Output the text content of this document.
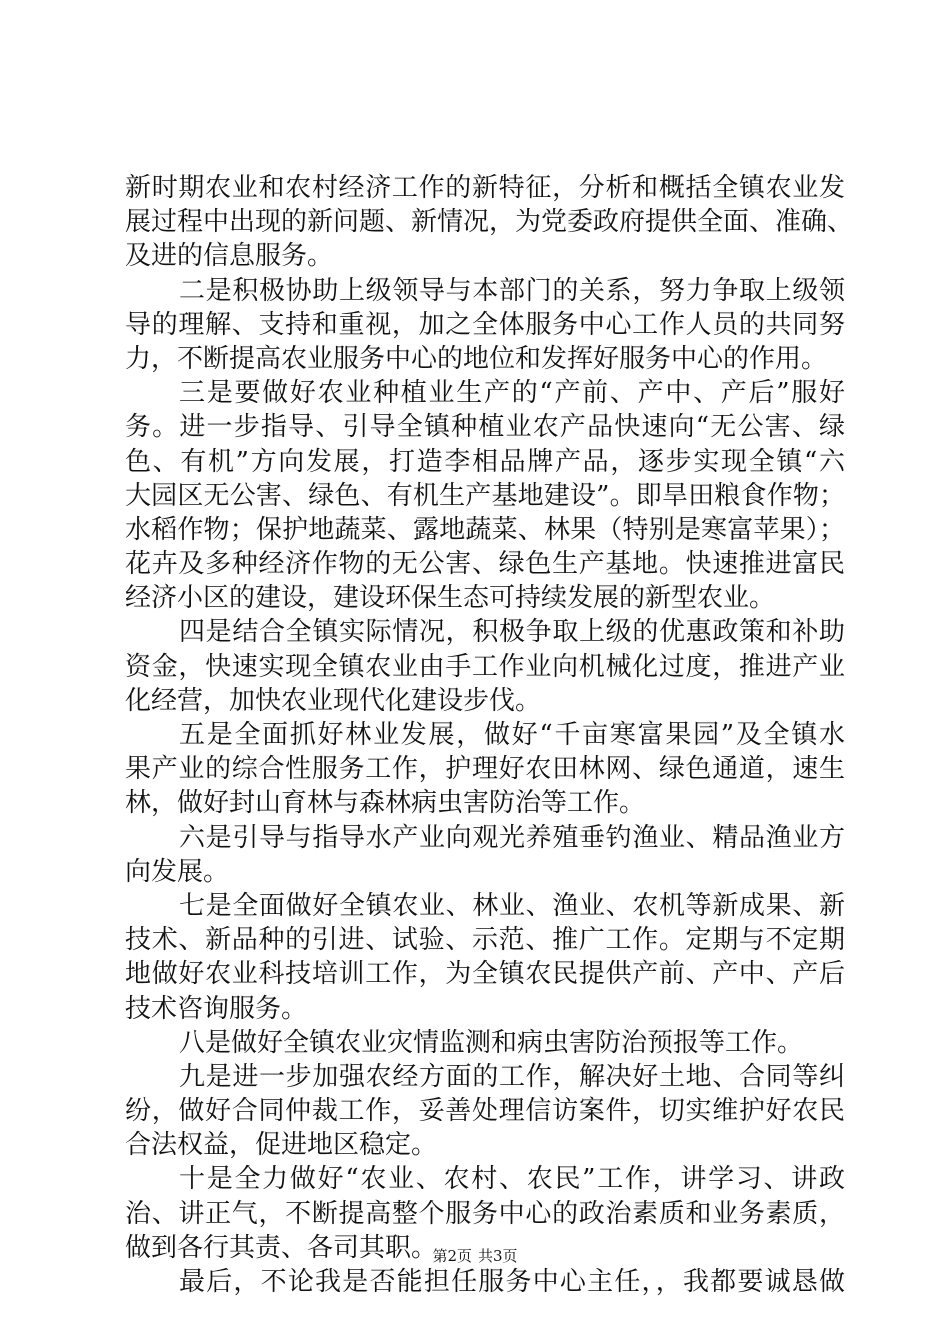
新时期农业和农村经济工作的新特征，分析和概括全镇农业发
展过程中出现的新问题、新情况，为党委政府提供全面、准确、
及进的信息服务。
二是积极协助上级领导与本部门的关系，努力争取上级领
导的理解、支持和重视，加之全体服务中心工作人员的共同努
力，不断提高农业服务中心的地位和发挥好服务中心的作用。
三是要做好农业种植业生产的“产前、产中、产后”服好
务。进一步指导、引导全镇种植业农产品快速向“无公害、绿
色、有机”方向发展，打造李相品牌产品，逐步实现全镇“六
大园区无公害、绿色、有机生产基地建设”。即旱田粮食作物；
水稻作物；保护地蔬菜、露地蔬菜、林果（特别是寒富苹果）；
花卉及多种经济作物的无公害、绿色生产基地。快速推进富民
经济小区的建设，建设环保生态可持续发展的新型农业。
四是结合全镇实际情况，积极争取上级的优惠政策和补助
资金，快速实现全镇农业由手工作业向机械化过度，推进产业
化经营，加快农业现代化建设步伐。
五是全面抓好林业发展，做好“千亩寒富果园”及全镇水
果产业的综合性服务工作，护理好农田林网、绿色通道，速生
林，做好封山育林与森林病虫害防治等工作。
六是引导与指导水产业向观光养殖垂钓渔业、精品渔业方
向发展。
七是全面做好全镇农业、林业、渔业、农机等新成果、新
技术、新品种的引进、试验、示范、推广工作。定期与不定期
地做好农业科技培训工作，为全镇农民提供产前、产中、产后
技术咨询服务。
八是做好全镇农业灾情监测和病虫害防治预报等工作。
九是进一步加强农经方面的工作，解决好土地、合同等纠
纷，做好合同仲裁工作，妥善处理信访案件，切实维护好农民
合法权益，促进地区稳定。
十是全力做好“农业、农村、农民”工作，讲学习、讲政
治、讲正气，不断提高整个服务中心的政治素质和业务素质，
做到各行其责、各司其职。
最后，不论我是否能担任服务中心主任，，我都要诚恳做
第2页 共3页
